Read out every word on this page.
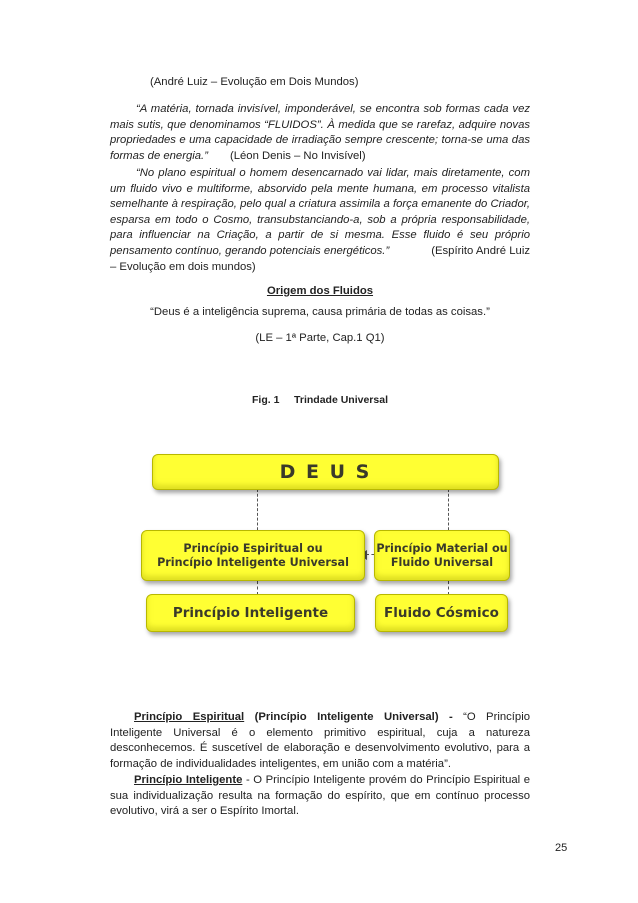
(André Luiz – Evolução em Dois Mundos)

“A matéria, tornada invisível, imponderável, se encontra sob formas cada vez mais sutis, que denominamos “FLUIDOS”. À medida que se rarefaz, adquire novas propriedades e uma capacidade de irradiação sempre crescente; torna-se uma das formas de energia.” (Léon Denis – No Invisível)

“No plano espiritual o homem desencarnado vai lidar, mais diretamente, com um fluido vivo e multiforme, absorvido pela mente humana, em processo vitalista semelhante à respiração, pelo qual a criatura assimila a força emanente do Criador, esparsa em todo o Cosmo, transubstanciando-a, sob a própria responsabilidade, para influenciar na Criação, a partir de si mesma. Esse fluido é seu próprio pensamento contínuo, gerando potenciais energéticos.”	(Espírito André Luiz – Evolução em dois mundos)

Origem dos Fluidos

“Deus é a inteligência suprema, causa primária de todas as coisas.”

(LE – 1ª Parte, Cap.1 Q1)

Fig. 1 Trindade Universal

D E U S
Princípio Espiritual ou
Princípio Inteligente Universal
Princípio Material ou
Fluido Universal
Princípio Inteligente	Fluido Cósmico

Princípio Espiritual (Princípio Inteligente Universal) - “O Princípio Inteligente Universal é o elemento primitivo espiritual, cuja a natureza desconhecemos. É suscetível de elaboração e desenvolvimento evolutivo, para a formação de individualidades inteligentes, em união com a matéria”.

Princípio Inteligente - O Princípio Inteligente provém do Princípio Espiritual e sua individualização resulta na formação do espírito, que em contínuo processo evolutivo, virá a ser o Espírito Imortal.

25
